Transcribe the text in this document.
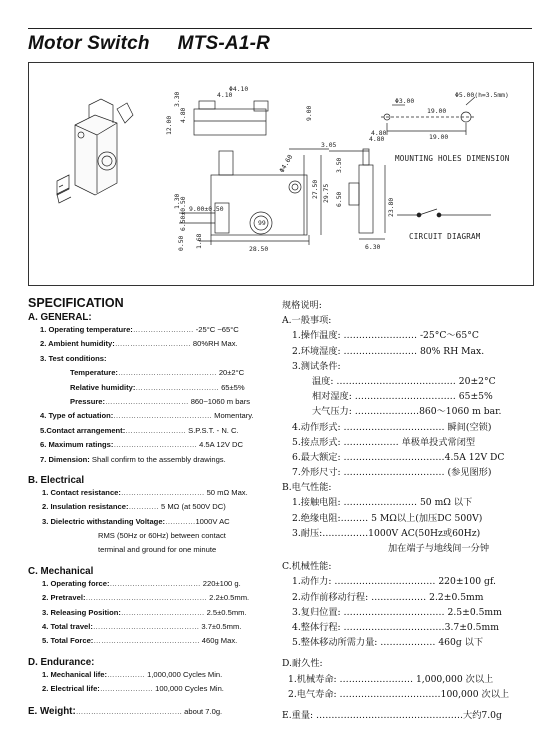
Motor Switch MTS-A1-R
99
3.30	4.10
4.80
12.00
Φ4.10
9.00
3.05
Φ4.60
27.50 29.75
3.50
6.50
4.80
1.30 9.00±0.50
28.50
1.68
0.50
23.80
6.30
19.00
4.80
Φ3.00
Φ5.00(h=3.5mm)
19.00
6.50±0.50
MOUNTING HOLES DIMENSION
CIRCUIT DIAGRAM
SPECIFICATION
A. GENERAL:
1. Operating temperature:…………………… -25°C ~65°C
2. Ambient humidity:………………………… 80%RH Max.
3. Test conditions:
Temperature:………………………………… 20±2°C
Relative humidity:…………………………… 65±5%
Pressure:…………………………… 860~1060 m bars
4. Type of actuation:………………………………… Momentary.
5.Contact arrangement:…………………… S.P.S.T. - N. C.
6. Maximum ratings:…………………………… 4.5A 12V DC
7. Dimension: Shall confirm to the assembly drawings.
B. Electrical
1. Contact resistance:…………………………… 50 mΩ Max.
2. Insulation resistance:………… 5 MΩ (at 500V DC)
3. Dielectric withstanding Voltage:…………1000V AC
RMS (50Hz or 60Hz) between contact
terminal and ground for one minute
C. Mechanical
1. Operating force:……………………………… 220±100 g.
2. Pretravel:………………………………………… 2.2±0.5mm.
3. Releasing Position:…………………………… 2.5±0.5mm.
4. Total travel:…………………………………… 3.7±0.5mm.
5. Total Force:…………………………………… 460g Max.
D. Endurance:
1. Mechanical life:…………… 1,000,000 Cycles Min.
2. Electrical life:………………… 100,000 Cycles Min.
E. Weight:…………………………………… about 7.0g.
规格说明:
A.一般事项:
1.操作温度: …………………… -25°C～65°C
2.环境湿度: …………………… 80% RH Max.
3.测试条件:
温度: ………………………………… 20±2°C
相对湿度: …………………………… 65±5%
大气压力: …………………860～1060 m bar.
4.动作形式: …………………………… 瞬间(空锁)
5.接点形式: ……………… 单极单投式常闭型
6.最大额定: ……………………………4.5A 12V DC
7.外形尺寸: …………………………… (参见图形)
B.电气性能:
1.接触电阻: …………………… 50 mΩ 以下
2.绝缘电阻:……… 5 MΩ以上(加压DC 500V)
3.耐压:……………1000V AC(50Hz或60Hz)
加在端子与地线间一分钟
C.机械性能:
1.动作力: …………………………… 220±100 gf.
2.动作前移动行程: ……………… 2.2±0.5mm
3.复归位置: …………………………… 2.5±0.5mm
4.整体行程: ……………………………3.7±0.5mm
5.整体移动所需力量: ……………… 460g 以下
D.耐久性:
1.机械寿命: …………………… 1,000,000 次以上
2.电气寿命: ……………………………100,000 次以上
E.重量: …………………………………………大约7.0g
